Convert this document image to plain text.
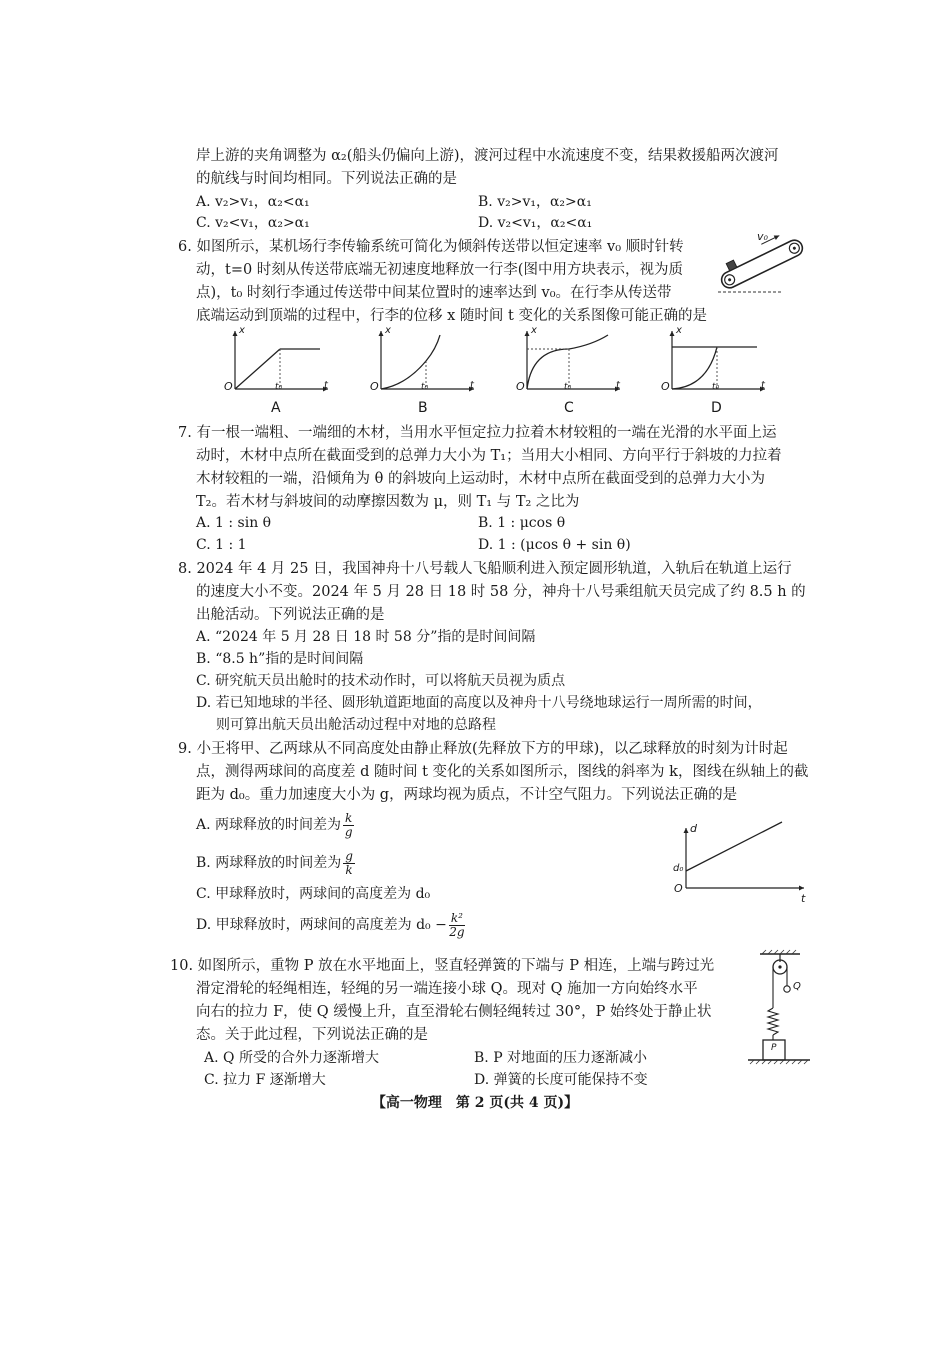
岸上游的夹角调整为 α₂(船头仍偏向上游)，渡河过程中水流速度不变，结果救援船两次渡河
的航线与时间均相同。下列说法正确的是
A. v₂>v₁，α₂<α₁	B. v₂>v₁，α₂>α₁
C. v₂<v₁，α₂>α₁	D. v₂<v₁，α₂<α₁
6. 如图所示，某机场行李传输系统可简化为倾斜传送带以恒定速率 v₀ 顺时针转
动，t=0 时刻从传送带底端无初速度地释放一行李(图中用方块表示，视为质
点)，t₀ 时刻行李通过传送带中间某位置时的速率达到 v₀。在行李从传送带
底端运动到顶端的过程中，行李的位移 x 随时间 t 变化的关系图像可能正确的是
v₀
x
t
O	t₀
x
t
O	t₀
x
t
O	t₀
x
t
O	t₀
A	B	C	D
7. 有一根一端粗、一端细的木材，当用水平恒定拉力拉着木材较粗的一端在光滑的水平面上运
动时，木材中点所在截面受到的总弹力大小为 T₁；当用大小相同、方向平行于斜坡的力拉着
木材较粗的一端，沿倾角为 θ 的斜坡向上运动时，木材中点所在截面受到的总弹力大小为
T₂。若木材与斜坡间的动摩擦因数为 μ，则 T₁ 与 T₂ 之比为
A. 1 : sin θ	B. 1 : μcos θ
C. 1 : 1	D. 1 : (μcos θ + sin θ)
8. 2024 年 4 月 25 日，我国神舟十八号载人飞船顺利进入预定圆形轨道，入轨后在轨道上运行
的速度大小不变。2024 年 5 月 28 日 18 时 58 分，神舟十八号乘组航天员完成了约 8.5 h 的
出舱活动。下列说法正确的是
A. “2024 年 5 月 28 日 18 时 58 分”指的是时间间隔
B. “8.5 h”指的是时间间隔
C. 研究航天员出舱时的技术动作时，可以将航天员视为质点
D. 若已知地球的半径、圆形轨道距地面的高度以及神舟十八号绕地球运行一周所需的时间，
则可算出航天员出舱活动过程中对地的总路程
9. 小王将甲、乙两球从不同高度处由静止释放(先释放下方的甲球)，以乙球释放的时刻为计时起
点，测得两球间的高度差 d 随时间 t 变化的关系如图所示，图线的斜率为 k，图线在纵轴上的截
距为 d₀。重力加速度大小为 g，两球均视为质点，不计空气阻力。下列说法正确的是
A. 两球释放的时间差为 $\frac{k}{g}$
B. 两球释放的时间差为 $\frac{g}{k}$
C. 甲球释放时，两球间的高度差为 d₀
D. 甲球释放时，两球间的高度差为 $d_0 - \frac{\text{k²}}{2g}$
d
t
d₀
O
10. 如图所示，重物 P 放在水平地面上，竖直轻弹簧的下端与 P 相连，上端与跨过光
滑定滑轮的轻绳相连，轻绳的另一端连接小球 Q。现对 Q 施加一方向始终水平
向右的拉力 F，使 Q 缓慢上升，直至滑轮右侧轻绳转过 30°，P 始终处于静止状
态。关于此过程，下列说法正确的是
A. Q 所受的合外力逐渐增大	B. P 对地面的压力逐渐减小
C. 拉力 F 逐渐增大	D. 弹簧的长度可能保持不变
Q
P
【高一物理　第 2 页(共 4 页)】
